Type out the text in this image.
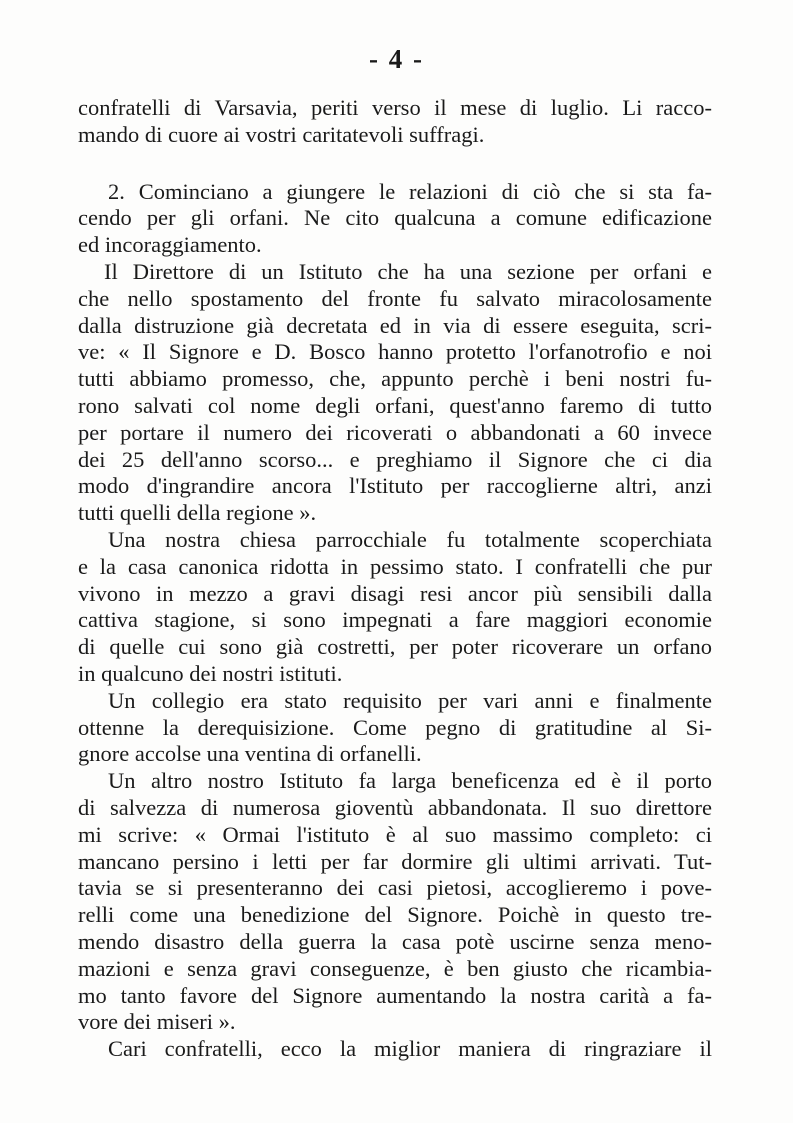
- 4 -
confratelli di Varsavia, periti verso il mese di luglio. Li racco-
mando di cuore ai vostri caritatevoli suffragi.
2. Cominciano a giungere le relazioni di ciò che si sta fa-
cendo per gli orfani. Ne cito qualcuna a comune edificazione
ed incoraggiamento.
Il Direttore di un Istituto che ha una sezione per orfani e
che nello spostamento del fronte fu salvato miracolosamente
dalla distruzione già decretata ed in via di essere eseguita, scri-
ve: « Il Signore e D. Bosco hanno protetto l'orfanotrofio e noi
tutti abbiamo promesso, che, appunto perchè i beni nostri fu-
rono salvati col nome degli orfani, quest'anno faremo di tutto
per portare il numero dei ricoverati o abbandonati a 60 invece
dei 25 dell'anno scorso... e preghiamo il Signore che ci dia
modo d'ingrandire ancora l'Istituto per raccoglierne altri, anzi
tutti quelli della regione ».
Una nostra chiesa parrocchiale fu totalmente scoperchiata
e la casa canonica ridotta in pessimo stato. I confratelli che pur
vivono in mezzo a gravi disagi resi ancor più sensibili dalla
cattiva stagione, si sono impegnati a fare maggiori economie
di quelle cui sono già costretti, per poter ricoverare un orfano
in qualcuno dei nostri istituti.
Un collegio era stato requisito per vari anni e finalmente
ottenne la derequisizione. Come pegno di gratitudine al Si-
gnore accolse una ventina di orfanelli.
Un altro nostro Istituto fa larga beneficenza ed è il porto
di salvezza di numerosa gioventù abbandonata. Il suo direttore
mi scrive: « Ormai l'istituto è al suo massimo completo: ci
mancano persino i letti per far dormire gli ultimi arrivati. Tut-
tavia se si presenteranno dei casi pietosi, accoglieremo i pove-
relli come una benedizione del Signore. Poichè in questo tre-
mendo disastro della guerra la casa potè uscirne senza meno-
mazioni e senza gravi conseguenze, è ben giusto che ricambia-
mo tanto favore del Signore aumentando la nostra carità a fa-
vore dei miseri ».
Cari confratelli, ecco la miglior maniera di ringraziare il
